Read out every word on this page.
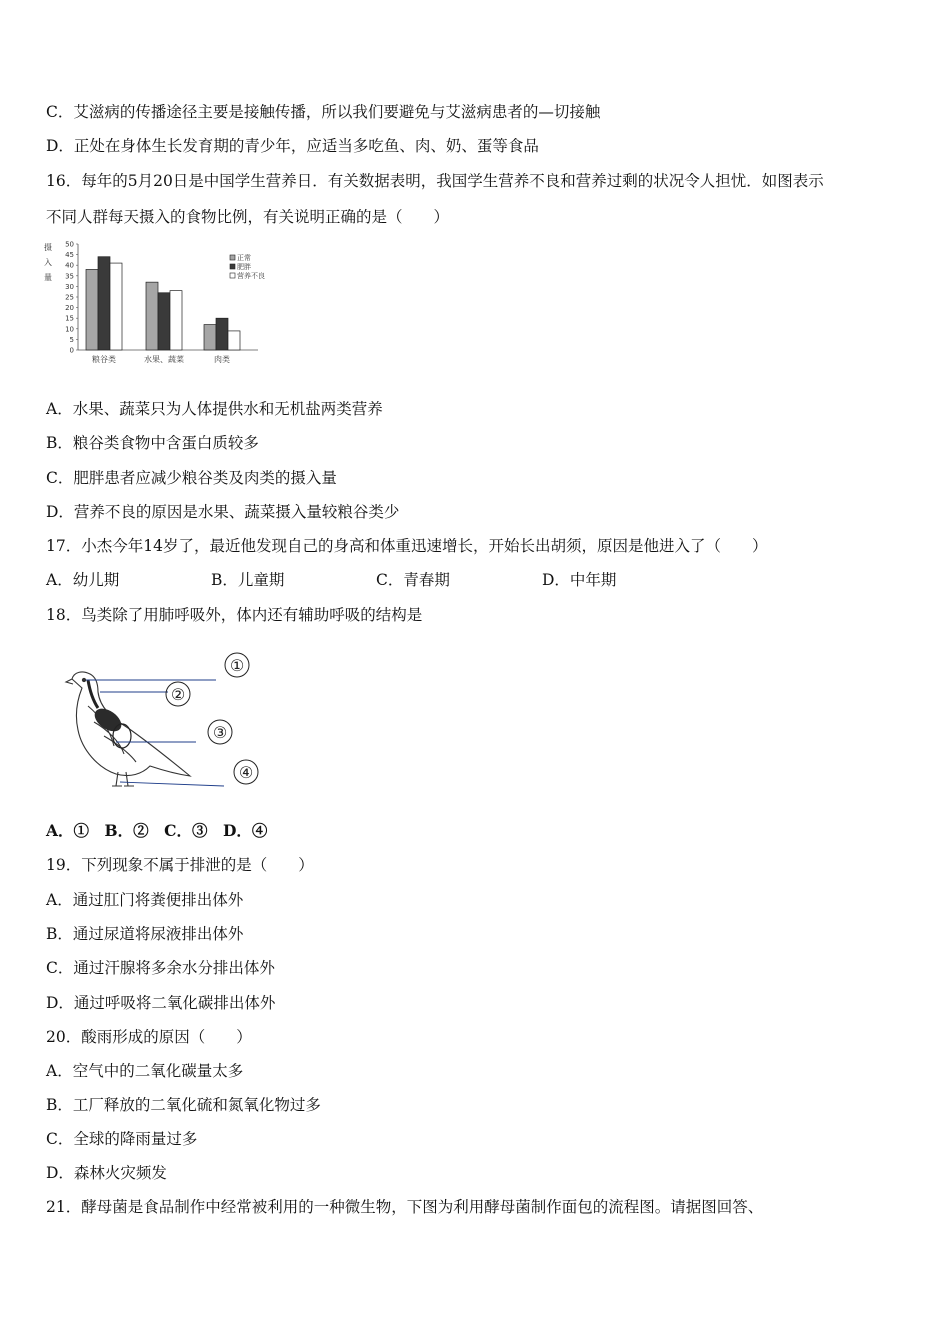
C．艾滋病的传播途径主要是接触传播，所以我们要避免与艾滋病患者的—切接触
D．正处在身体生长发育期的青少年，应适当多吃鱼、肉、奶、蛋等食品
16．每年的5月20日是中国学生营养日．有关数据表明，我国学生营养不良和营养过剩的状况令人担忧．如图表示
不同人群每天摄入的食物比例，有关说明正确的是（　　）
摄
入
量
50
45
40
35
30
25
20
15
10
5
0
粮谷类	水果、蔬菜	肉类
正常
肥胖
营养不良
A．水果、蔬菜只为人体提供水和无机盐两类营养
B．粮谷类食物中含蛋白质较多
C．肥胖患者应减少粮谷类及肉类的摄入量
D．营养不良的原因是水果、蔬菜摄入量较粮谷类少
17．小杰今年14岁了，最近他发现自己的身高和体重迅速增长，开始长出胡须，原因是他进入了（　　）
A．幼儿期	B．儿童期	C．青春期	D．中年期
18．鸟类除了用肺呼吸外，体内还有辅助呼吸的结构是
①
②
③
④
A．①　B．②　C．③　D．④
19．下列现象不属于排泄的是（　　）
A．通过肛门将粪便排出体外
B．通过尿道将尿液排出体外
C．通过汗腺将多余水分排出体外
D．通过呼吸将二氧化碳排出体外
20．酸雨形成的原因（　　）
A．空气中的二氧化碳量太多
B．工厂释放的二氧化硫和氮氧化物过多
C．全球的降雨量过多
D．森林火灾频发
21．酵母菌是食品制作中经常被利用的一种微生物，下图为利用酵母菌制作面包的流程图。请据图回答、
